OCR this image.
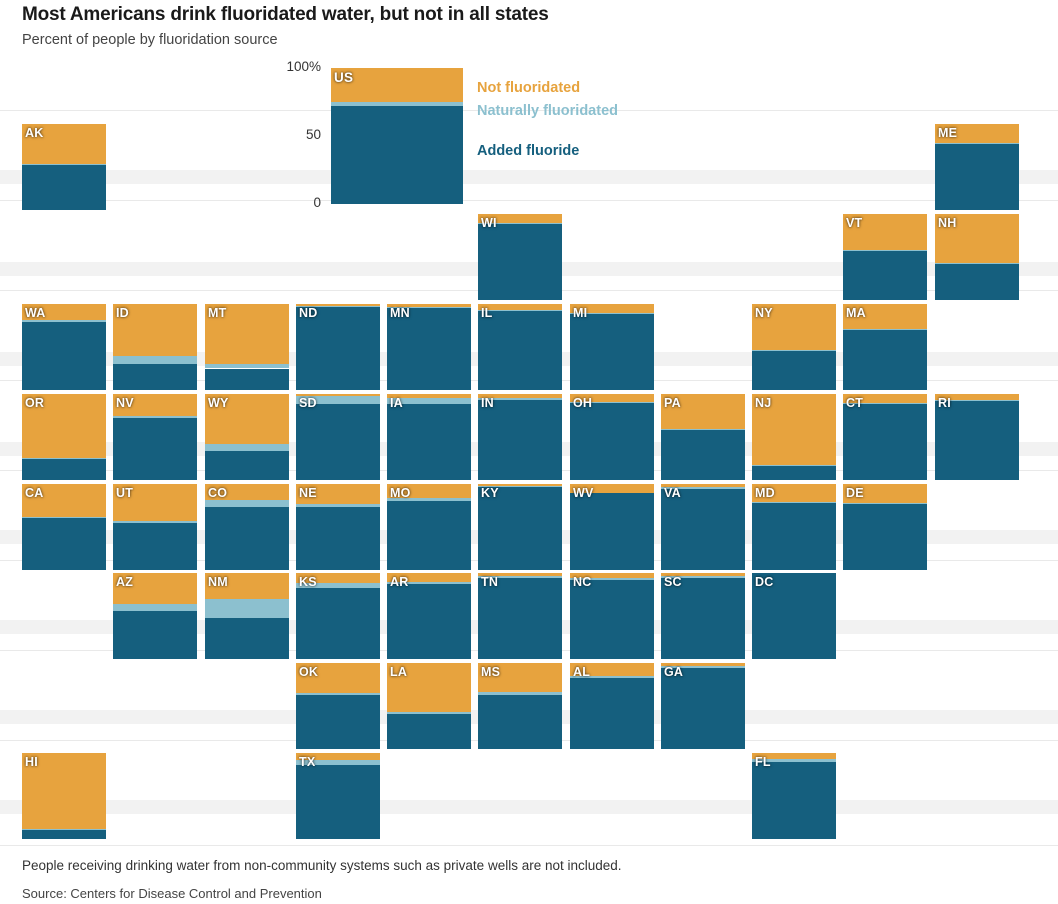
Most Americans drink fluoridated water, but not in all states
Percent of people by fluoridation source
100%
50
0
US
AK	ME
WI	VT	NH
WA	ID	MT	ND	MN	IL	MI	NY	MA
OR	NV	WY	SD	IA	IN	OH	PA	NJ	CT	RI
CA	UT	CO	NE	MO	KY	WV	VA	MD	DE
AZ	NM	KS	AR	TN	NC	SC	DC
OK	LA	MS	AL	GA
HI	TX	FL
Not fluoridated
Naturally fluoridated
Added fluoride
People receiving drinking water from non-community systems such as private wells are not included.
Source: Centers for Disease Control and Prevention
